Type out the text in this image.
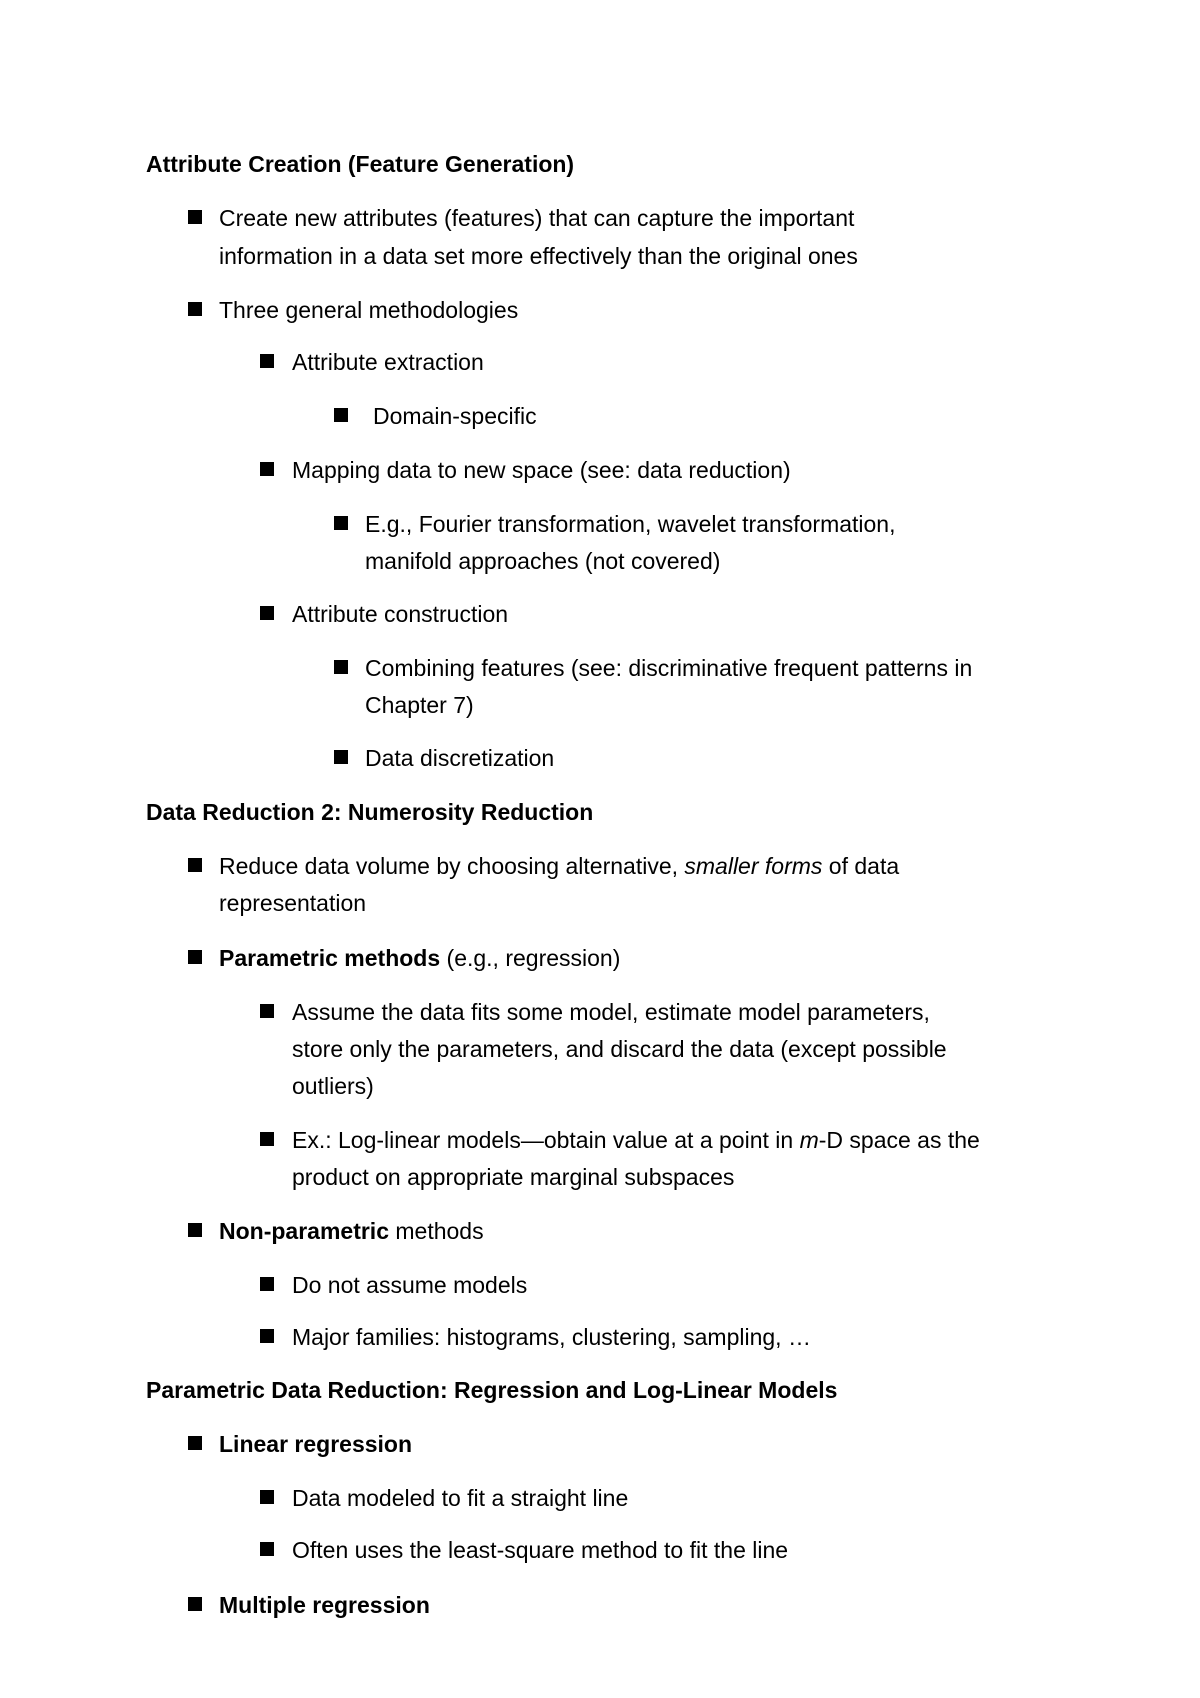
Attribute Creation (Feature Generation)
Create new attributes (features) that can capture the important
information in a data set more effectively than the original ones
Three general methodologies
Attribute extraction
Domain-specific
Mapping data to new space (see: data reduction)
E.g., Fourier transformation, wavelet transformation,
manifold approaches (not covered)
Attribute construction
Combining features (see: discriminative frequent patterns in
Chapter 7)
Data discretization
Data Reduction 2: Numerosity Reduction
Reduce data volume by choosing alternative, smaller forms of data
representation
Parametric methods (e.g., regression)
Assume the data fits some model, estimate model parameters,
store only the parameters, and discard the data (except possible
outliers)
Ex.: Log-linear models—obtain value at a point in m-D space as the
product on appropriate marginal subspaces
Non-parametric methods
Do not assume models
Major families: histograms, clustering, sampling, …
Parametric Data Reduction: Regression and Log-Linear Models
Linear regression
Data modeled to fit a straight line
Often uses the least-square method to fit the line
Multiple regression
